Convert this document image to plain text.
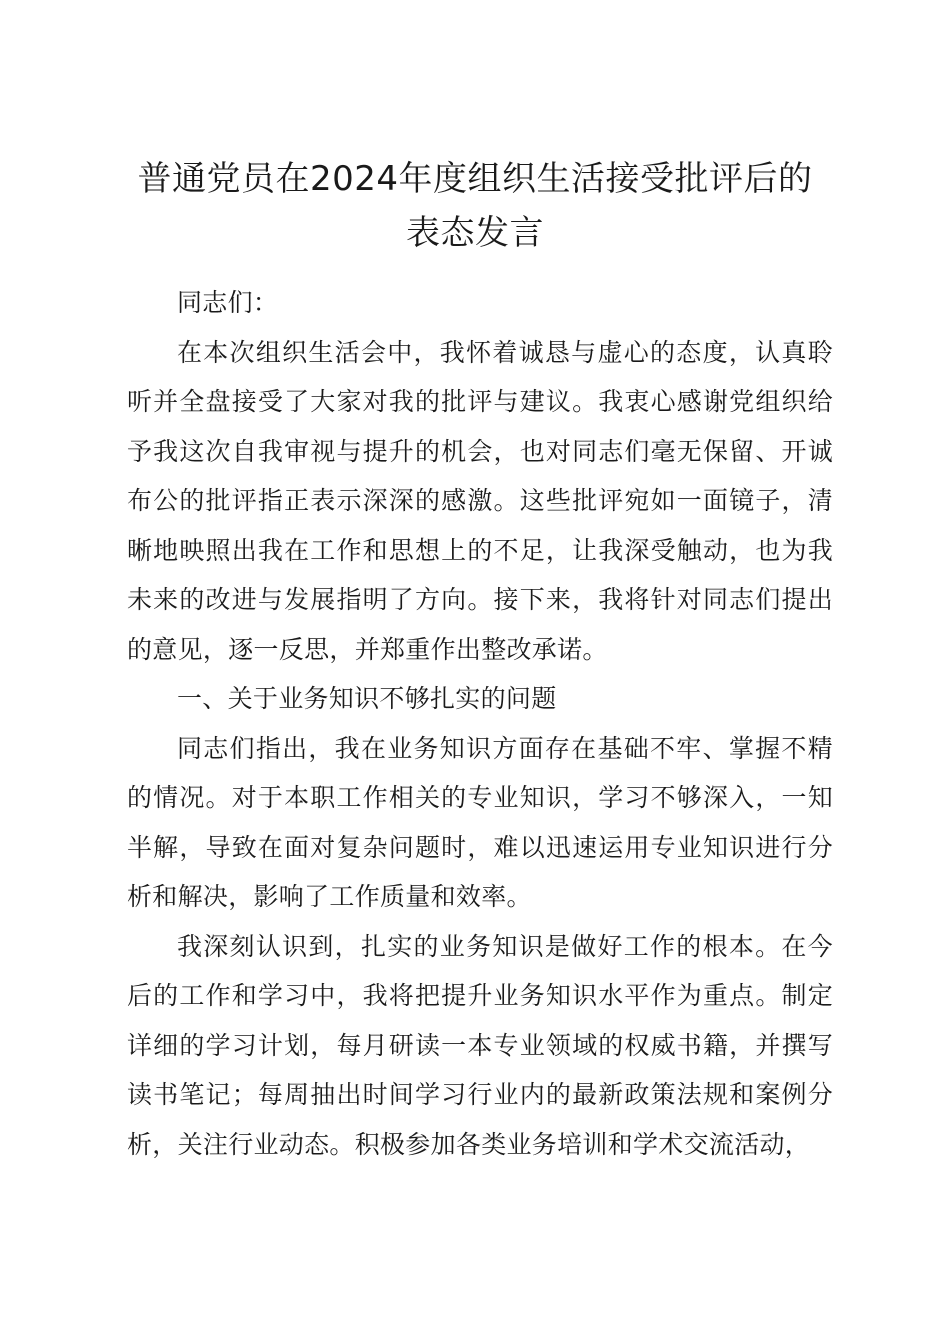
普通党员在2024年度组织生活接受批评后的
表态发言

同志们：

在本次组织生活会中，我怀着诚恳与虚心的态度，认真聆听并全盘接受了大家对我的批评与建议。我衷心感谢党组织给予我这次自我审视与提升的机会，也对同志们毫无保留、开诚布公的批评指正表示深深的感激。这些批评宛如一面镜子，清晰地映照出我在工作和思想上的不足，让我深受触动，也为我未来的改进与发展指明了方向。接下来，我将针对同志们提出的意见，逐一反思，并郑重作出整改承诺。

一、关于业务知识不够扎实的问题

同志们指出，我在业务知识方面存在基础不牢、掌握不精的情况。对于本职工作相关的专业知识，学习不够深入，一知半解，导致在面对复杂问题时，难以迅速运用专业知识进行分析和解决，影响了工作质量和效率。

我深刻认识到，扎实的业务知识是做好工作的根本。在今后的工作和学习中，我将把提升业务知识水平作为重点。制定详细的学习计划，每月研读一本专业领域的权威书籍，并撰写读书笔记；每周抽出时间学习行业内的最新政策法规和案例分析，关注行业动态。积极参加各类业务培训和学术交流活动，
